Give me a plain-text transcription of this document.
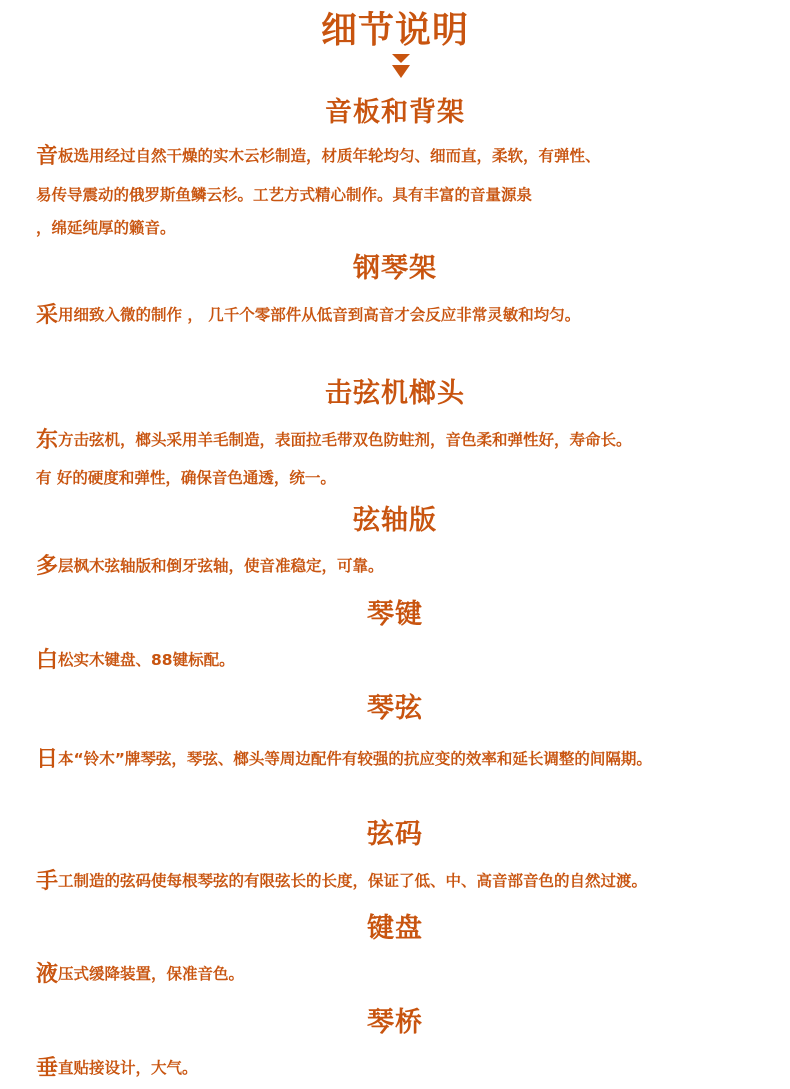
细节说明
音板和背架
音板选用经过自然干燥的实木云杉制造，材质年轮均匀、细而直，柔软，有弹性、
易传导震动的俄罗斯鱼鳞云杉。工艺方式精心制作。具有丰富的音量源泉
，绵延纯厚的籁音。
钢琴架
采用细致入微的制作 ， 几千个零部件从低音到高音才会反应非常灵敏和均匀。
击弦机榔头
东方击弦机，榔头采用羊毛制造，表面拉毛带双色防蛀剂，音色柔和弹性好，寿命长。
有 好的硬度和弹性，确保音色通透，统一。
弦轴版
多层枫木弦轴版和倒牙弦轴，使音准稳定，可靠。
琴键
白松实木键盘、88键标配。
琴弦
日本“铃木”牌琴弦，琴弦、榔头等周边配件有较强的抗应变的效率和延长调整的间隔期。
弦码
手工制造的弦码使每根琴弦的有限弦长的长度，保证了低、中、高音部音色的自然过渡。
键盘
液压式缓降装置，保准音色。
琴桥
垂直贴接设计，大气。
